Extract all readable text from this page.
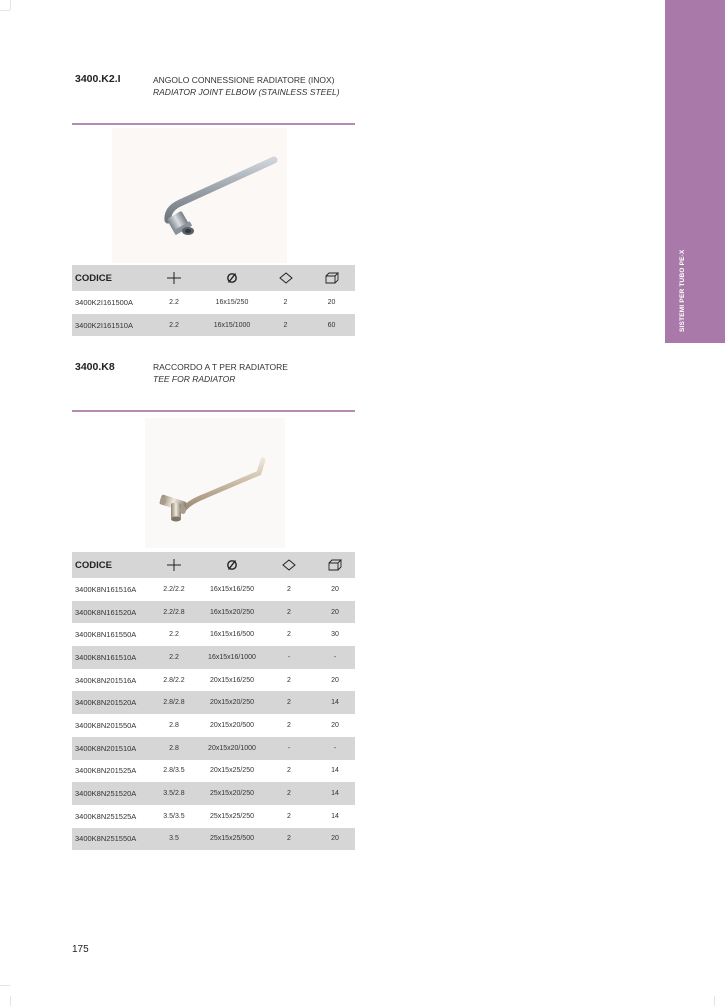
SISTEMI PER TUBO PE-X
3400.K2.I	ANGOLO CONNESSIONE RADIATORE (INOX)
RADIATOR JOINT ELBOW (STAINLESS STEEL)
CODICE				
3400K2I161500A	2.2	16x15/250	2	20
3400K2I161510A	2.2	16x15/1000	2	60
3400.K8	RACCORDO A T PER RADIATORE
TEE FOR RADIATOR
CODICE				
3400K8N161516A	2.2/2.2	16x15x16/250	2	20
3400K8N161520A	2.2/2.8	16x15x20/250	2	20
3400K8N161550A	2.2	16x15x16/500	2	30
3400K8N161510A	2.2	16x15x16/1000	-	-
3400K8N201516A	2.8/2.2	20x15x16/250	2	20
3400K8N201520A	2.8/2.8	20x15x20/250	2	14
3400K8N201550A	2.8	20x15x20/500	2	20
3400K8N201510A	2.8	20x15x20/1000	-	-
3400K8N201525A	2.8/3.5	20x15x25/250	2	14
3400K8N251520A	3.5/2.8	25x15x20/250	2	14
3400K8N251525A	3.5/3.5	25x15x25/250	2	14
3400K8N251550A	3.5	25x15x25/500	2	20
175
